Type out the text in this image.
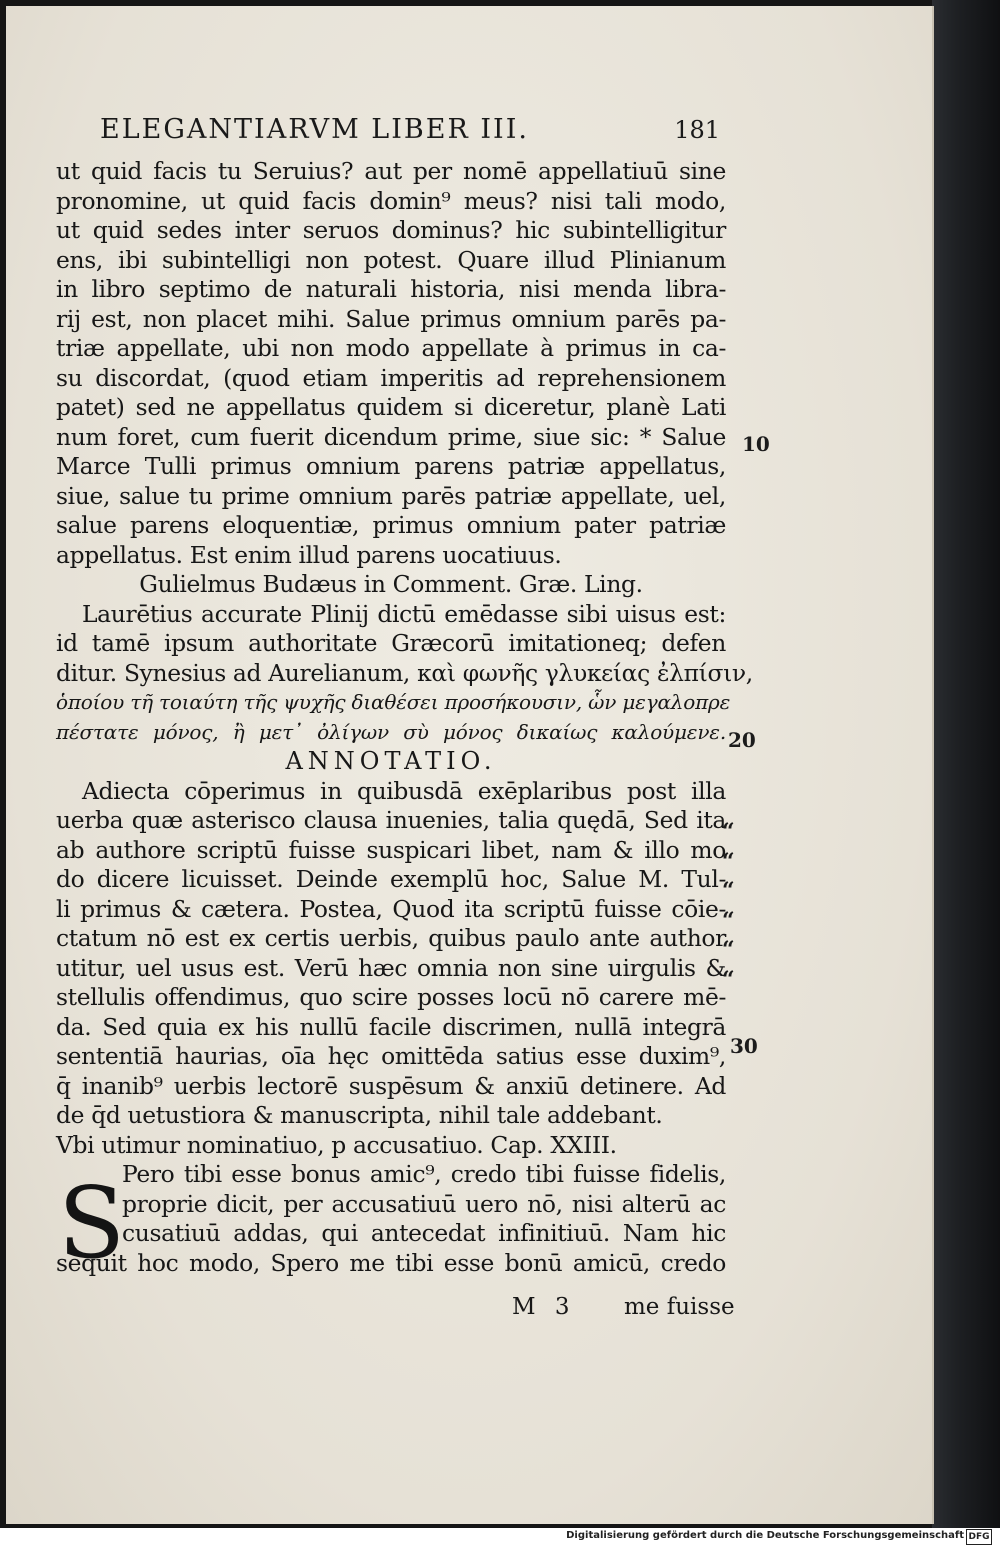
ELEGANTIARVM LIBER III.	181
ut quid facis tu Seruius? aut per nomē appellatiuū sine
pronomine, ut quid facis domin⁹ meus? nisi tali modo,
ut quid sedes inter seruos dominus? hic subintelligitur
ens, ibi subintelligi non potest. Quare illud Plinianum
in libro septimo de naturali historia, nisi menda libra-
rij est, non placet mihi. Salue primus omnium parēs pa-
triæ appellate, ubi non modo appellate à primus in ca-
su discordat, (quod etiam imperitis ad reprehensionem
patet) sed ne appellatus quidem si diceretur, planè Lati
num foret, cum fuerit dicendum prime, siue sic: * Salue
Marce Tulli primus omnium parens patriæ appellatus,
siue, salue tu prime omnium parēs patriæ appellate, uel,
salue parens eloquentiæ, primus omnium pater patriæ
appellatus. Est enim illud parens uocatiuus.
Gulielmus Budæus in Comment. Græ. Ling.
Laurētius accurate Plinij dictū emēdasse sibi uisus est:
id tamē ipsum authoritate Græcorū imitationeq; defen
ditur. Synesius ad Aurelianum, καὶ φωνῆς γλυκείας ἐλπίσιν,
ὁποίου τῆ τοιαύτη τῆς ψυχῆς διαθέσει προσήκουσιν, ὧν μεγαλοπρε
πέστατε μόνος, ἢ μετ᾽ ὀλίγων σὺ μόνος δικαίως καλούμενε.
ANNOTATIO.
Adiecta cōperimus in quibusdā exēplaribus post illa
uerba quæ asterisco clausa inuenies, talia quędā, Sed ita
ab authore scriptū fuisse suspicari libet, nam & illo mo
do dicere licuisset. Deinde exemplū hoc, Salue M. Tul-
li primus & cætera. Postea, Quod ita scriptū fuisse cōie-
ctatum nō est ex certis uerbis, quibus paulo ante author
utitur, uel usus est. Verū hæc omnia non sine uirgulis &
stellulis offendimus, quo scire posses locū nō carere mē-
da. Sed quia ex his nullū facile discrimen, nullā integrā
sententiā haurias, oīa hęc omittēda satius esse duxim⁹,
q̄ inanib⁹ uerbis lectorē suspēsum & anxiū detinere. Ad
de q̄d uetustiora & manuscripta, nihil tale addebant.
Vbi utimur nominatiuo, p accusatiuo. Cap. XXIII.
Pero tibi esse bonus amic⁹, credo tibi fuisse fidelis,
proprie dicit, per accusatiuū uero nō, nisi alterū ac
cusatiuū addas, qui antecedat infinitiuū. Nam hic
sequit hoc modo, Spero me tibi esse bonū amicū, credo
S
10
20
30
“
“
“
“
“
“
M 3 me fuisse
Digitalisierung gefördert durch die Deutsche Forschungsgemeinschaft DFG
